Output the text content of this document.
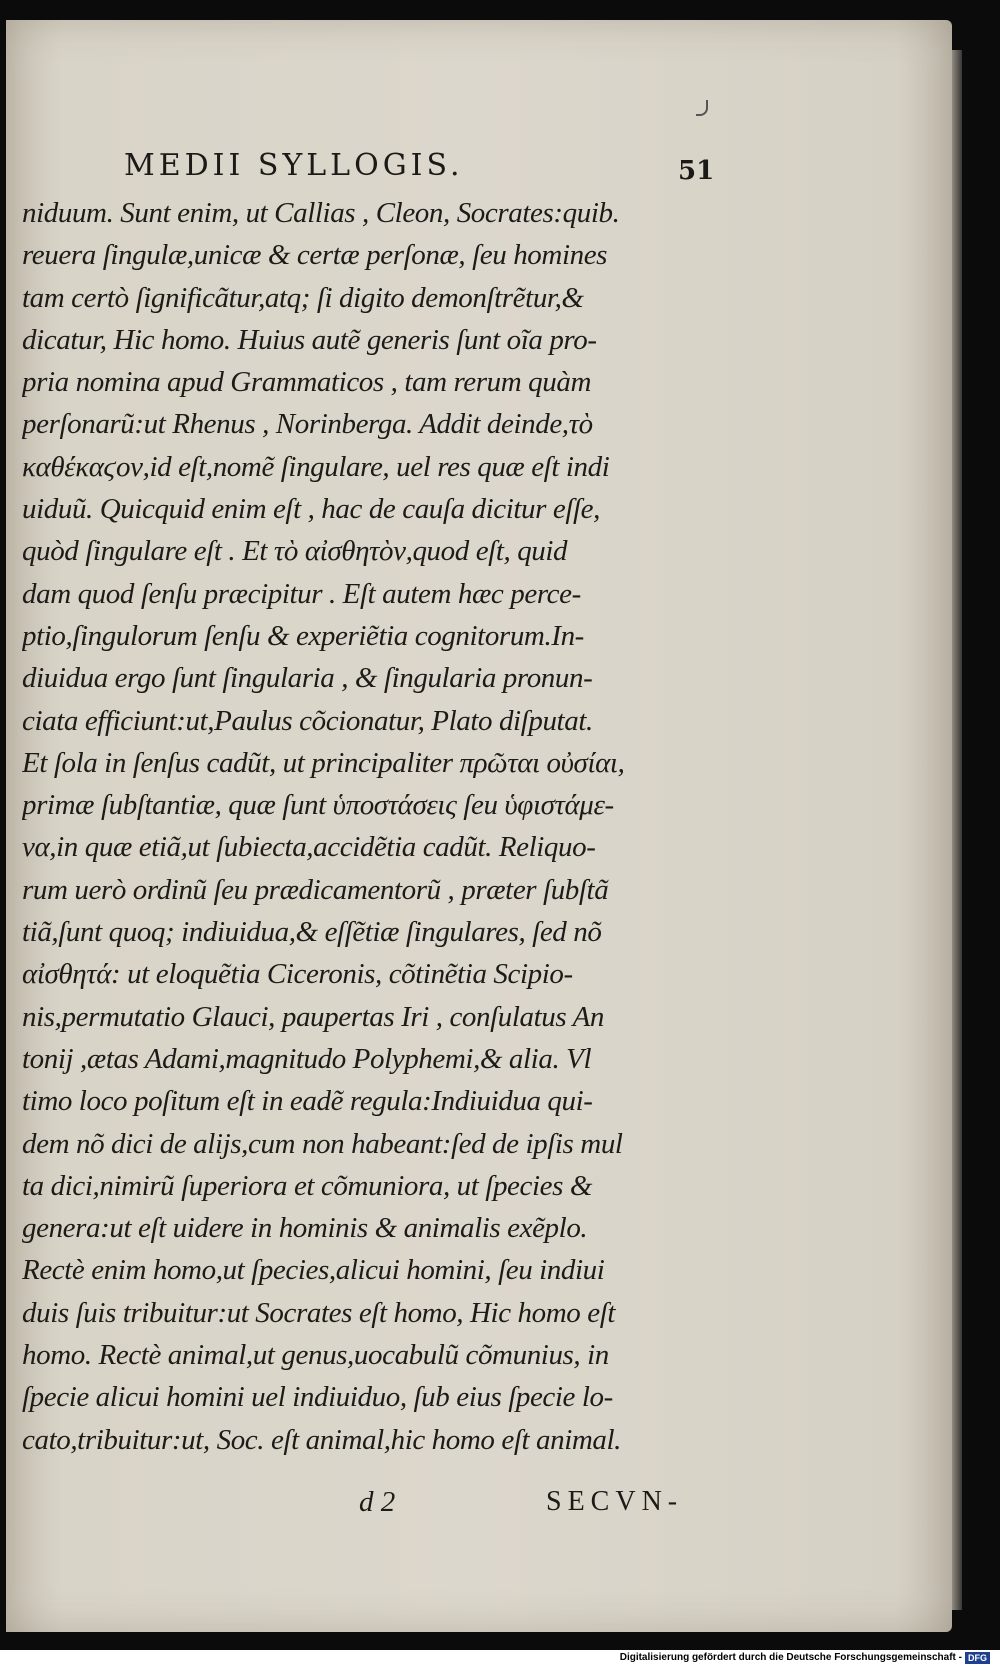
MEDII SYLLOGIS.	51
niduum. Sunt enim, ut Callias , Cleon, Socrates:quib.
reuera ſingulæ,unicæ & certæ perſonæ, ſeu homines
tam certò ſignificãtur,atq; ſi digito demonſtrẽtur,&
dicatur, Hic homo. Huius autẽ generis ſunt oĩa pro-
pria nomina apud Grammaticos , tam rerum quàm
perſonarũ:ut Rhenus , Norinberga. Addit deinde,τὸ
καθέκαϛον,id eſt,nomẽ ſingulare, uel res quæ eſt indi
uiduũ. Quicquid enim eſt , hac de cauſa dicitur eſſe,
quòd ſingulare eſt . Et τὸ αἰσθητὸν,quod eſt, quid
dam quod ſenſu præcipitur . Eſt autem hæc perce-
ptio,ſingulorum ſenſu & experiẽtia cognitorum.In-
diuidua ergo ſunt ſingularia , & ſingularia pronun-
ciata efficiunt:ut,Paulus cõcionatur, Plato diſputat.
Et ſola in ſenſus cadũt, ut principaliter πρῶται οὐσίαι,
primæ ſubſtantiæ, quæ ſunt ὑποστάσεις ſeu ὑφιστάμε-
να,in quæ etiã,ut ſubiecta,accidẽtia cadũt. Reliquo-
rum uerò ordinũ ſeu prædicamentorũ , præter ſubſtã
tiã,ſunt quoq; indiuidua,& eſſẽtiæ ſingulares, ſed nõ
αἰσθητά: ut eloquẽtia Ciceronis, cõtinẽtia Scipio-
nis,permutatio Glauci, paupertas Iri , conſulatus An
tonij ,ætas Adami,magnitudo Polyphemi,& alia. Vl
timo loco poſitum eſt in eadẽ regula:Indiuidua qui-
dem nõ dici de alijs,cum non habeant:ſed de ipſis mul
ta dici,nimirũ ſuperiora et cõmuniora, ut ſpecies &
genera:ut eſt uidere in hominis & animalis exẽplo.
Rectè enim homo,ut ſpecies,alicui homini, ſeu indiui
duis ſuis tribuitur:ut Socrates eſt homo, Hic homo eſt
homo. Rectè animal,ut genus,uocabulũ cõmunius, in
ſpecie alicui homini uel indiuiduo, ſub eius ſpecie lo-
cato,tribuitur:ut, Soc. eſt animal,hic homo eſt animal.
d 2	SECVN-
Digitalisierung gefördert durch die Deutsche Forschungsgemeinschaft - DFG
